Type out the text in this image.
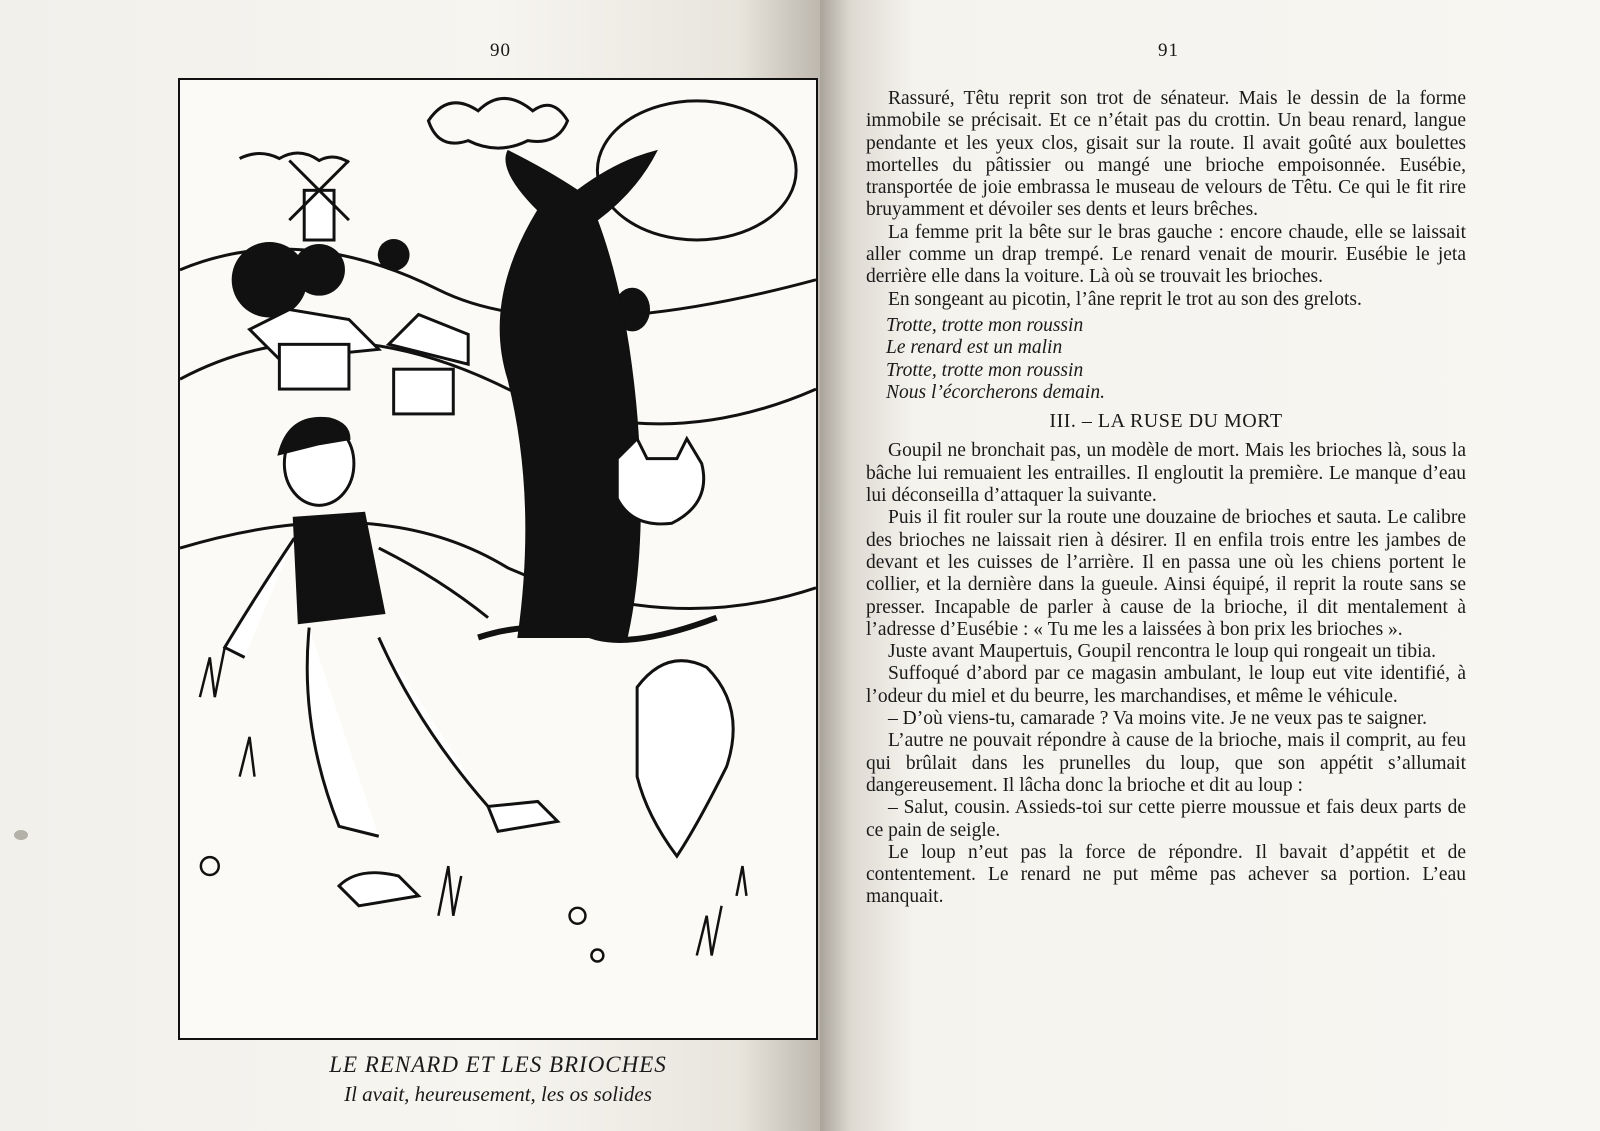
90
LE RENARD ET LES BRIOCHES
Il avait, heureusement, les os solides
91

Rassuré, Têtu reprit son trot de sénateur. Mais le dessin de la forme immobile se précisait. Et ce n’était pas du crottin. Un beau renard, langue pendante et les yeux clos, gisait sur la route. Il avait goûté aux boulettes mortelles du pâtissier ou mangé une brioche empoisonnée. Eusébie, transportée de joie embrassa le museau de velours de Têtu. Ce qui le fit rire bruyamment et dévoiler ses dents et leurs brêches.

La femme prit la bête sur le bras gauche : encore chaude, elle se laissait aller comme un drap trempé. Le renard venait de mourir. Eusébie le jeta derrière elle dans la voiture. Là où se trouvait les brioches.

En songeant au picotin, l’âne reprit le trot au son des grelots.

Trotte, trotte mon roussin
Le renard est un malin
Trotte, trotte mon roussin
Nous l’écorcherons demain.
III. – LA RUSE DU MORT

Goupil ne bronchait pas, un modèle de mort. Mais les brioches là, sous la bâche lui remuaient les entrailles. Il engloutit la première. Le manque d’eau lui déconseilla d’attaquer la suivante.

Puis il fit rouler sur la route une douzaine de brioches et sauta. Le calibre des brioches ne laissait rien à désirer. Il en enfila trois entre les jambes de devant et les cuisses de l’arrière. Il en passa une où les chiens portent le collier, et la dernière dans la gueule. Ainsi équipé, il reprit la route sans se presser. Incapable de parler à cause de la brioche, il dit mentalement à l’adresse d’Eusébie : « Tu me les a laissées à bon prix les brioches ».

Juste avant Maupertuis, Goupil rencontra le loup qui rongeait un tibia.

Suffoqué d’abord par ce magasin ambulant, le loup eut vite identifié, à l’odeur du miel et du beurre, les marchandises, et même le véhicule.

– D’où viens-tu, camarade ? Va moins vite. Je ne veux pas te saigner.

L’autre ne pouvait répondre à cause de la brioche, mais il comprit, au feu qui brûlait dans les prunelles du loup, que son appétit s’allumait dangereusement. Il lâcha donc la brioche et dit au loup :

– Salut, cousin. Assieds-toi sur cette pierre moussue et fais deux parts de ce pain de seigle.

Le loup n’eut pas la force de répondre. Il bavait d’appétit et de contentement. Le renard ne put même pas achever sa portion. L’eau manquait.
